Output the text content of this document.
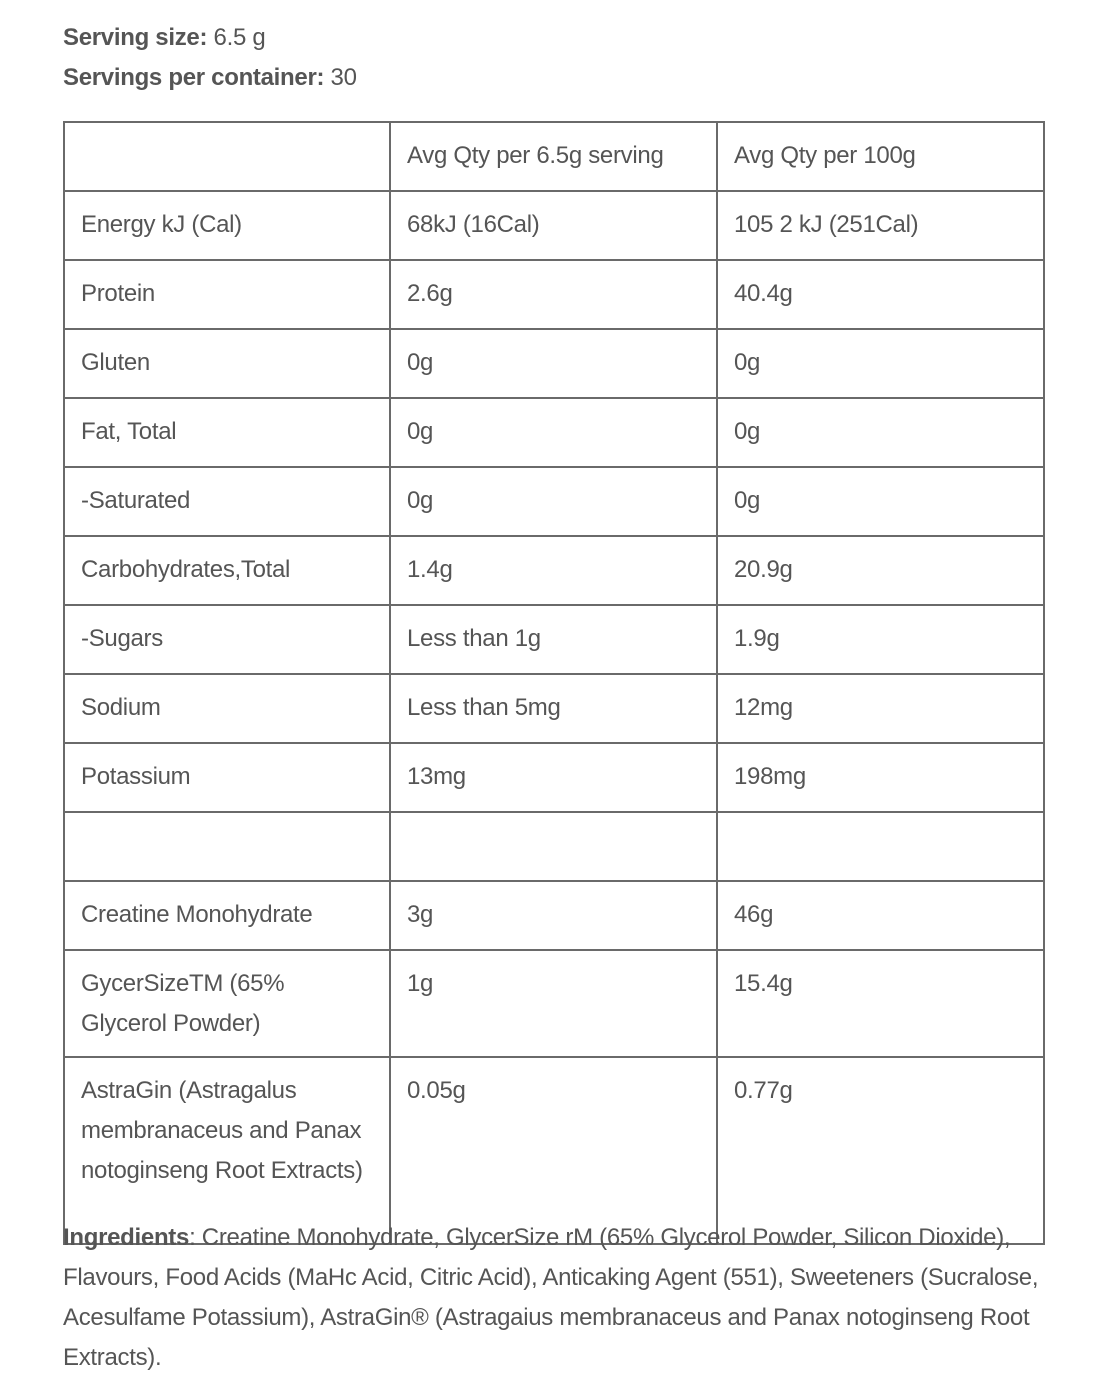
Serving size: 6.5 g
Servings per container: 30
	Avg Qty per 6.5g serving	Avg Qty per 100g
Energy kJ (Cal)	68kJ (16Cal)	105 2 kJ (251Cal)
Protein	2.6g	40.4g
Gluten	0g	0g
Fat, Total	0g	0g
-Saturated	0g	0g
Carbohydrates,Total	1.4g	20.9g
-Sugars	Less than 1g	1.9g
Sodium	Less than 5mg	12mg
Potassium	13mg	198mg

Creatine Monohydrate	3g	46g
GycerSizeTM (65% Glycerol Powder)	1g	15.4g
AstraGin (Astragalus membranaceus and Panax notoginseng Root Extracts)	0.05g	0.77g
Ingredients: Creatine Monohydrate, GlycerSize rM (65% Glycerol Powder, Silicon Dioxide), Flavours, Food Acids (MaHc Acid, Citric Acid), Anticaking Agent (551), Sweeteners (Sucralose, Acesulfame Potassium), AstraGin® (Astragaius membranaceus and Panax notoginseng Root Extracts).
